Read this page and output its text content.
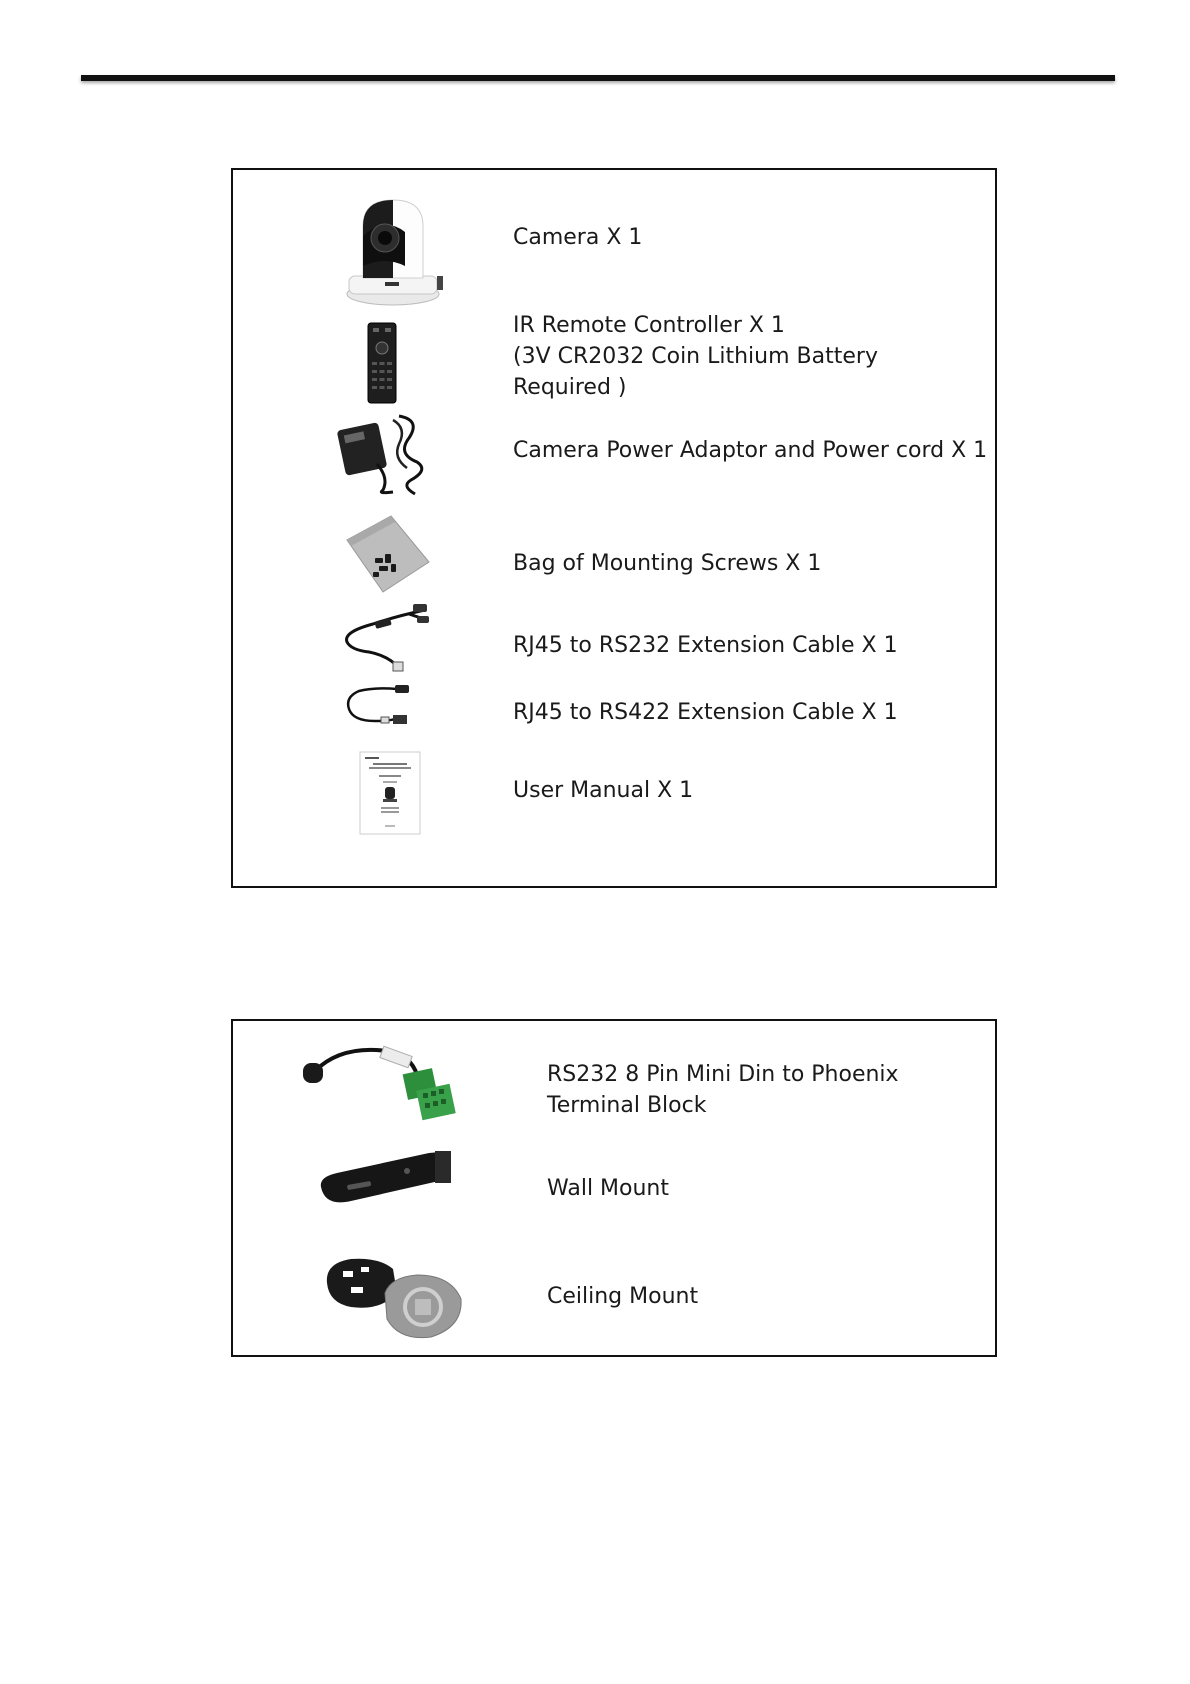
Camera X 1
IR Remote Controller X 1
(3V CR2032 Coin Lithium Battery
Required )
Camera Power Adaptor and Power cord X 1
Bag of Mounting Screws X 1
RJ45 to RS232 Extension Cable X 1
RJ45 to RS422 Extension Cable X 1
User Manual X 1
RS232 8 Pin Mini Din to Phoenix
Terminal Block
Wall Mount
Ceiling Mount
